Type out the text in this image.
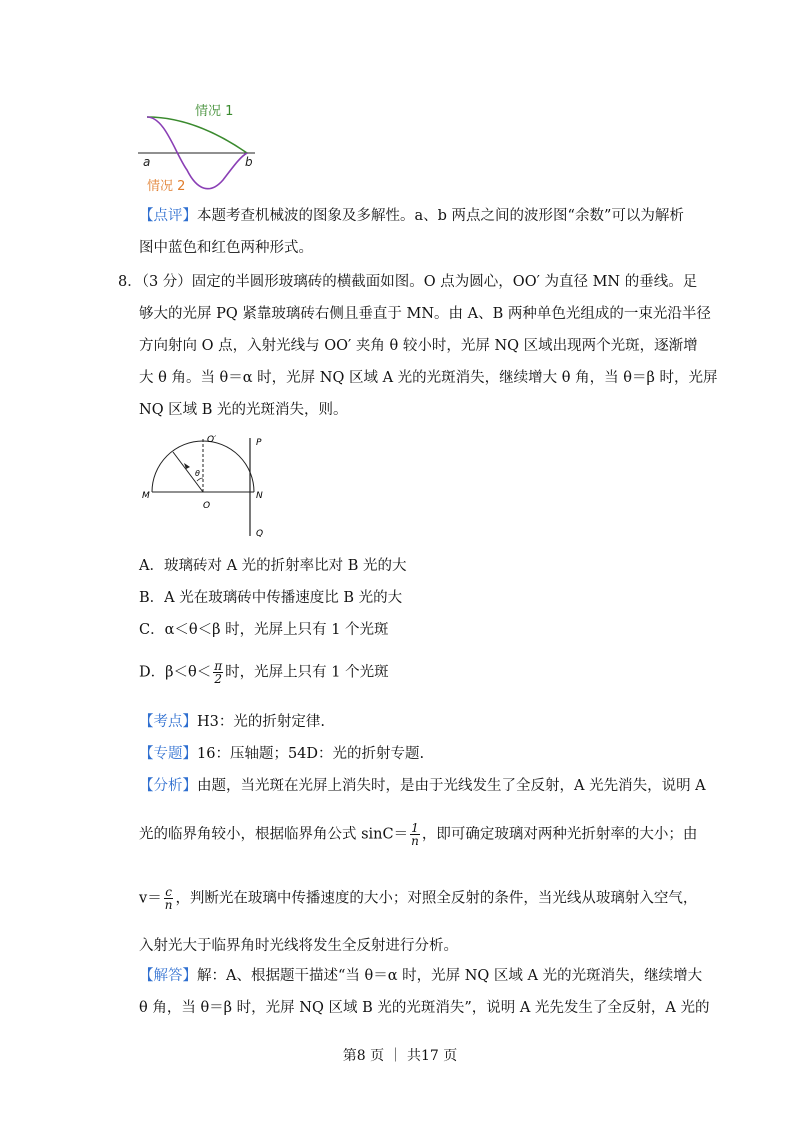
情况 1
情况 2
a	b
【点评】本题考查机械波的图象及多解性。a、b 两点之间的波形图“余数”可以为解析
图中蓝色和红色两种形式。
8．（3 分）固定的半圆形玻璃砖的横截面如图。O 点为圆心，OO′ 为直径 MN 的垂线。足
够大的光屏 PQ 紧靠玻璃砖右侧且垂直于 MN。由 A、B 两种单色光组成的一束光沿半径
方向射向 O 点，入射光线与 OO′ 夹角 θ 较小时，光屏 NQ 区域出现两个光斑，逐渐增
大 θ 角。当 θ＝α 时，光屏 NQ 区域 A 光的光斑消失，继续增大 θ 角，当 θ＝β 时，光屏
NQ 区域 B 光的光斑消失，则。
θ
O′	P
M
O
N
Q
A．玻璃砖对 A 光的折射率比对 B 光的大
B．A 光在玻璃砖中传播速度比 B 光的大
C．α＜θ＜β 时，光屏上只有 1 个光斑
D．$\beta<\theta< \frac{\pi}{2}$ 时，光屏上只有 1 个光斑
【考点】H3：光的折射定律.
【专题】16：压轴题；54D：光的折射专题.
【分析】由题，当光斑在光屏上消失时，是由于光线发生了全反射，A 光先消失，说明 A
光的临界角较小，根据临界角公式 $\sin C= \frac{1}{n}$ ，即可确定玻璃对两种光折射率的大小；由
$v= \frac{c}{n}$ ，判断光在玻璃中传播速度的大小；对照全反射的条件，当光线从玻璃射入空气，
入射光大于临界角时光线将发生全反射进行分析。
【解答】解：A、根据题干描述“当 θ＝α 时，光屏 NQ 区域 A 光的光斑消失，继续增大
θ 角，当 θ＝β 时，光屏 NQ 区域 B 光的光斑消失”，说明 A 光先发生了全反射，A 光的
第8 页 ｜ 共17 页
